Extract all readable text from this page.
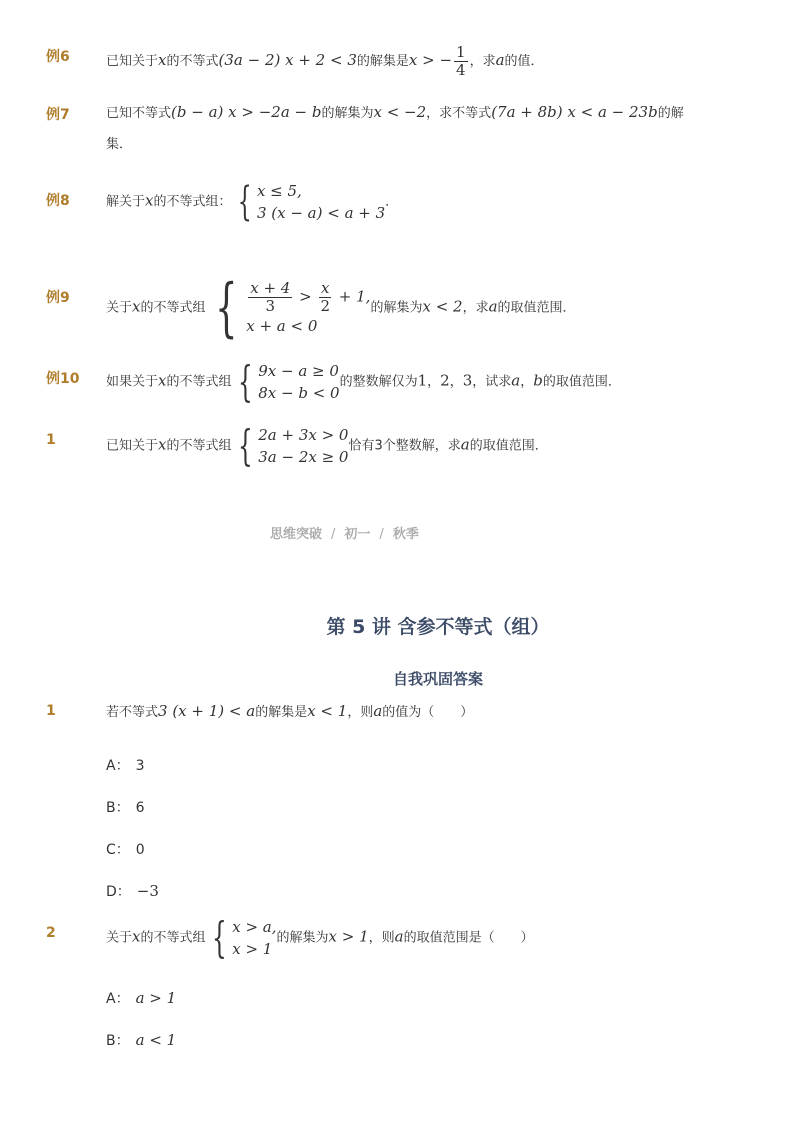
例6	已知关于x的不等式(3a − 2) x + 2 < 3的解集是x > − $\frac{1}{4}$ ，求a的值．
例7	已知不等式(b − a) x > −2a − b的解集为x < −2，求不等式(7a + 8b) x < a − 23b的解
集．
例8	解关于x的不等式组： { x ≤ 5,
3 (x − a) < a + 3
．
例9
关于x的不等式组 { $\frac{x + 4}{3} > \frac{x}{2} + 1$,
x + a < 0
的解集为x < 2，求a的取值范围．
例10 如果关于x的不等式组 { 9x − a ≥ 0
8x − b < 0
的整数解仅为1，2，3，试求a，b的取值范围．
1	已知关于x的不等式组 { 2a + 3x > 0
3a − 2x ≥ 0
恰有3个整数解，求a的取值范围．
思维突破 / 初一 / 秋季
第 5 讲 含参不等式（组）
自我巩固答案
1	若不等式3 (x + 1) < a的解集是x < 1，则a的值为（　　）
A： 3
B： 6
C： 0
D： −3
2	关于x的不等式组 { x > a,
x > 1
的解集为x > 1，则a的取值范围是（　　）
A： a > 1
B： a < 1
